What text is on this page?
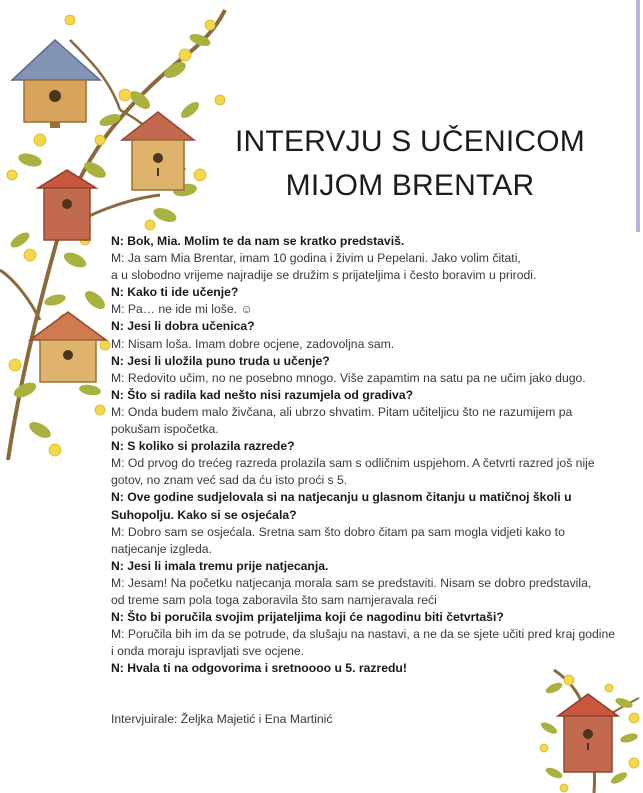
INTERVJU S UČENICOM
MIJOM BRENTAR

N: Bok, Mia. Molim te da nam se kratko predstaviš.

M: Ja sam Mia Brentar, imam 10 godina i živim u Pepelani. Jako volim čitati,

a u slobodno vrijeme najradije se družim s prijateljima i često boravim u prirodi.

N: Kako ti ide učenje?

M: Pa… ne ide mi loše. ☺

N: Jesi li dobra učenica?

M: Nisam loša. Imam dobre ocjene, zadovoljna sam.

N: Jesi li uložila puno truda u učenje?

M: Redovito učim, no ne posebno mnogo. Više zapamtim na satu pa ne učim jako dugo.

N: Što si radila kad nešto nisi razumjela od gradiva?

M: Onda budem malo živčana, ali ubrzo shvatim. Pitam učiteljicu što ne razumijem pa

pokušam ispočetka.

N: S koliko si prolazila razrede?

M: Od prvog do trećeg razreda prolazila sam s odličnim uspjehom. A četvrti razred još nije

gotov, no znam već sad da ću isto proći s 5.

N: Ove godine sudjelovala si na natjecanju u glasnom čitanju u matičnoj školi u

Suhopolju. Kako si se osjećala?

M: Dobro sam se osjećala. Sretna sam što dobro čitam pa sam mogla vidjeti kako to

natjecanje izgleda.

N: Jesi li imala tremu prije natjecanja.

M: Jesam! Na početku natjecanja morala sam se predstaviti. Nisam se dobro predstavila,

od treme sam pola toga zaboravila što sam namjeravala reći

N: Što bi poručila svojim prijateljima koji će nagodinu biti četvrtaši?

M: Poručila bih im da se potrude, da slušaju na nastavi, a ne da se sjete učiti pred kraj godine

i onda moraju ispravljati sve ocjene.

N: Hvala ti na odgovorima i sretnoooo u 5. razredu!

Intervjuirale: Željka Majetić i Ena Martinić
